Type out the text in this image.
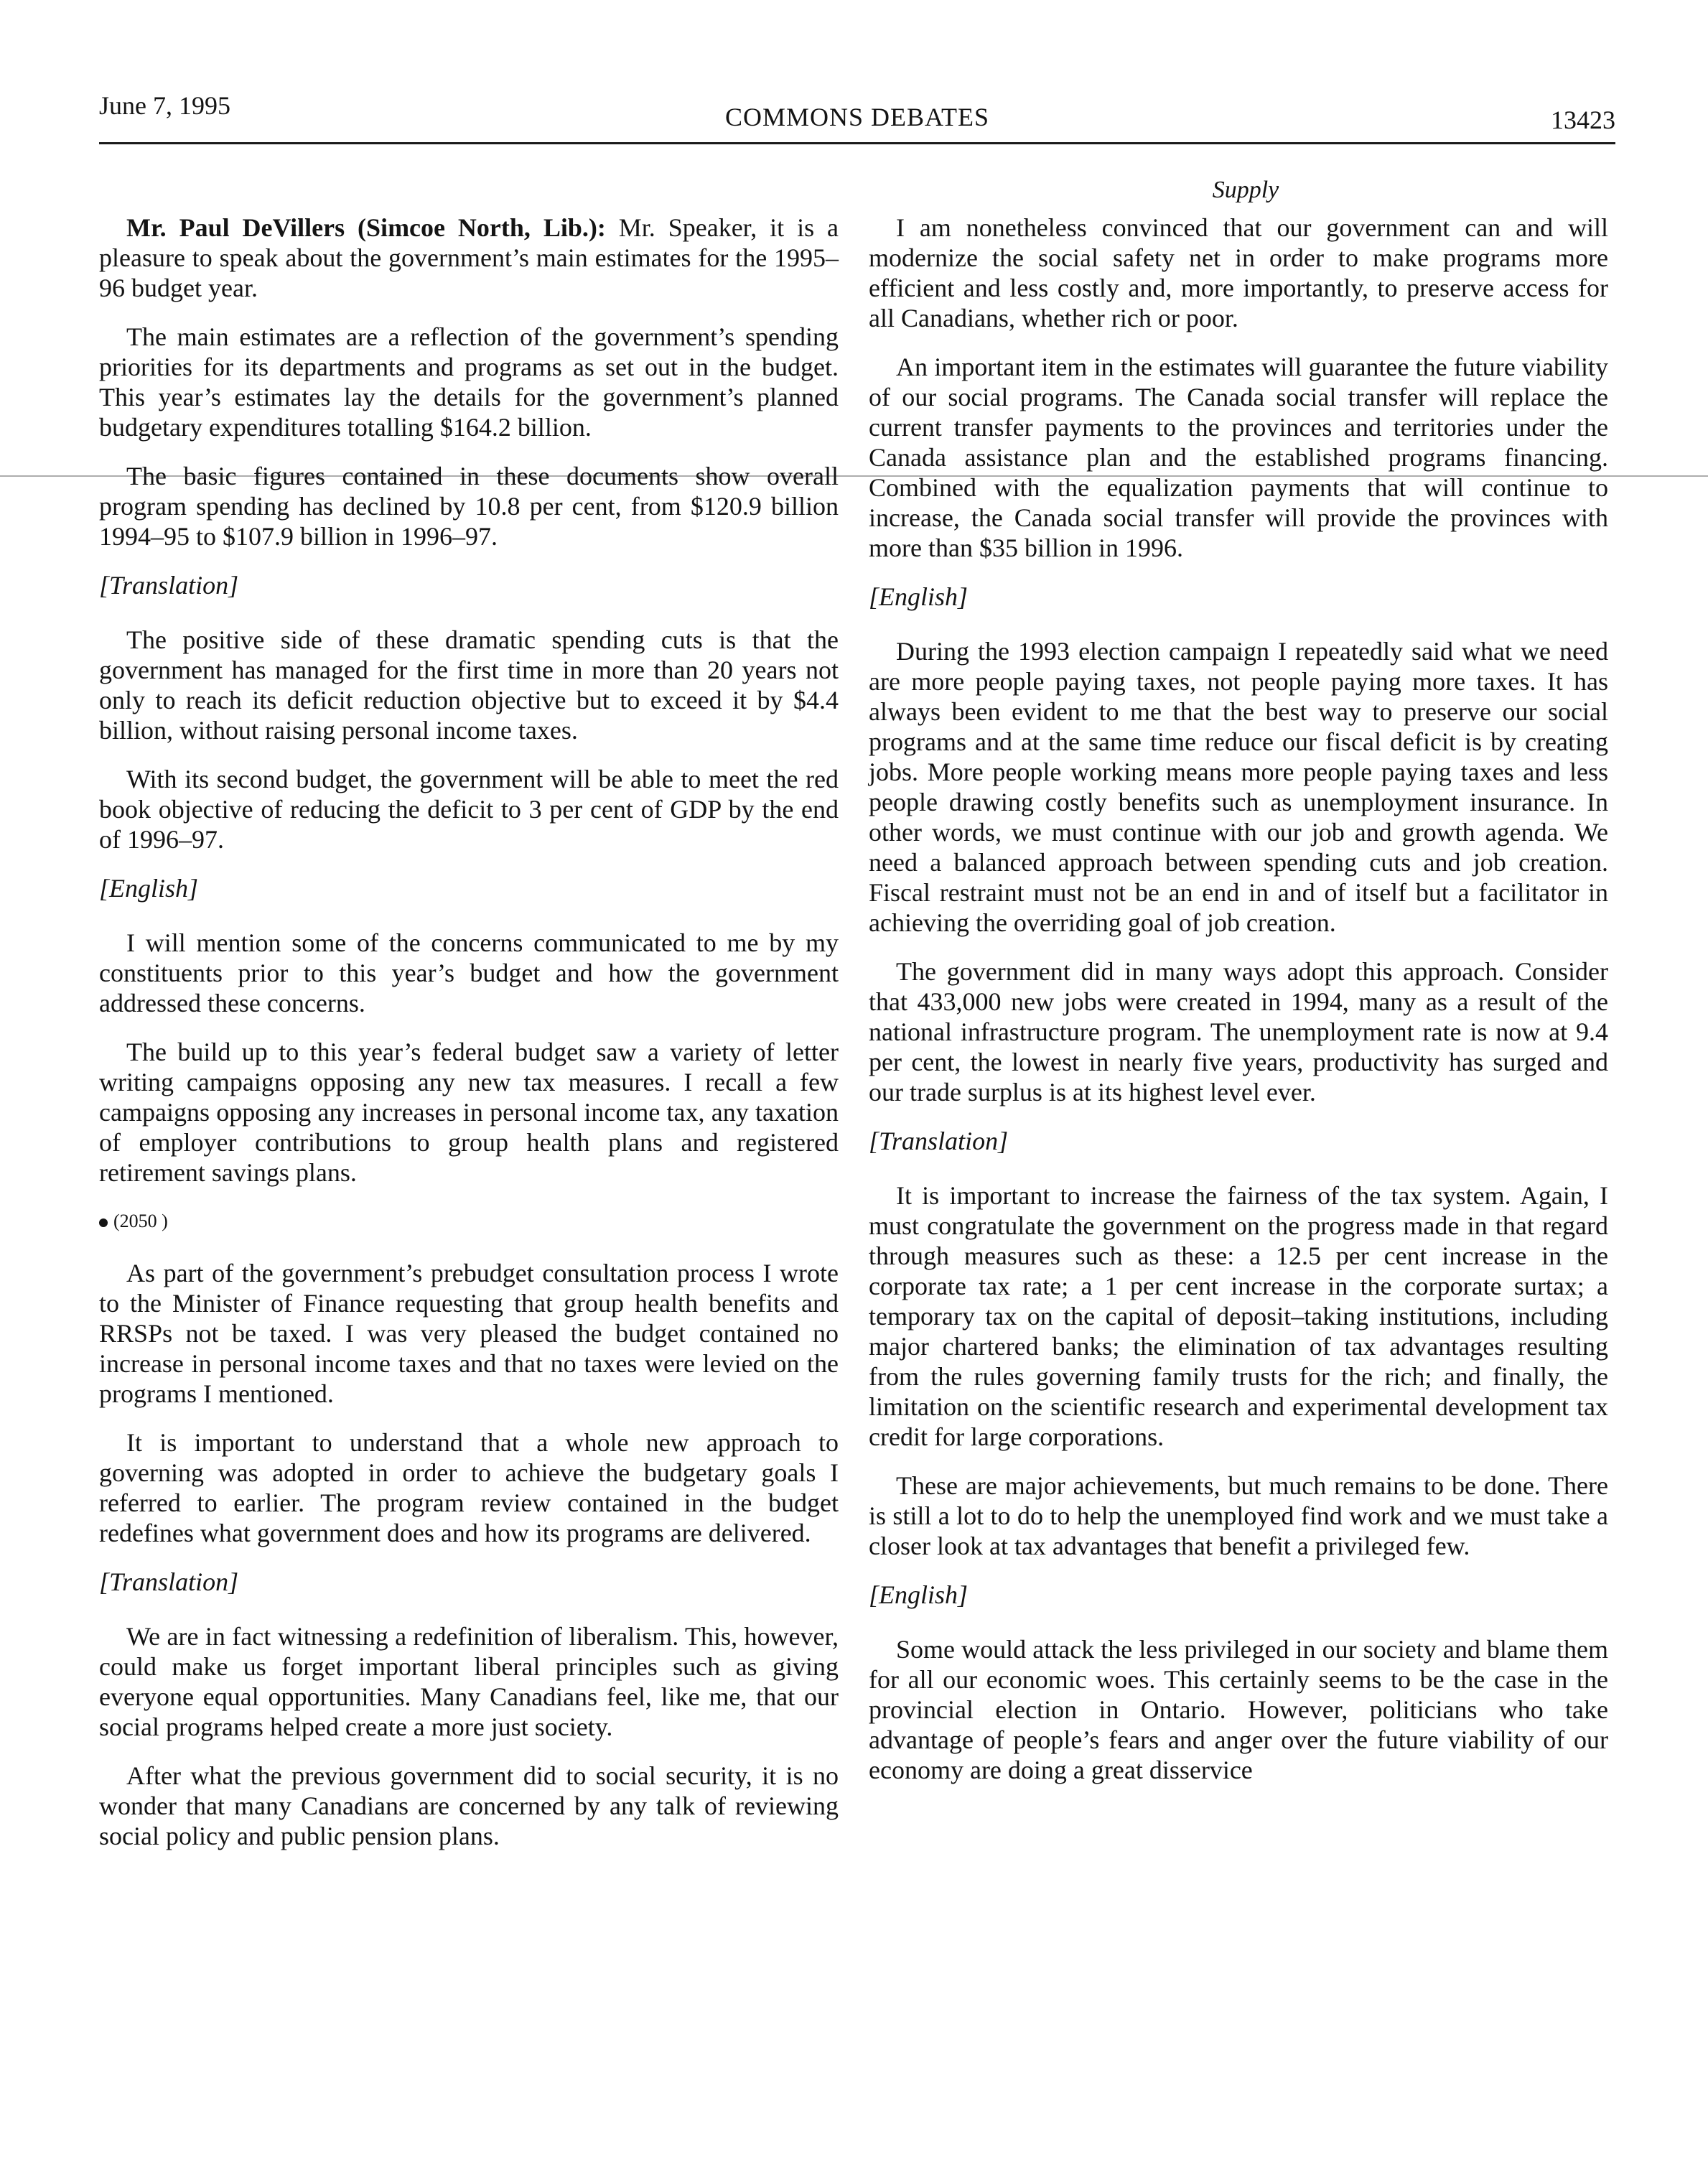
June 7, 1995	COMMONS DEBATES	13423
Supply

Mr. Paul DeVillers (Simcoe North, Lib.): Mr. Speaker, it is a pleasure to speak about the government’s main estimates for the 1995–96 budget year.

The main estimates are a reflection of the government’s spending priorities for its departments and programs as set out in the budget. This year’s estimates lay the details for the government’s planned budgetary expenditures totalling $164.2 billion.

The basic figures contained in these documents show overall program spending has declined by 10.8 per cent, from $120.9 billion 1994–95 to $107.9 billion in 1996–97.

[Translation]

The positive side of these dramatic spending cuts is that the government has managed for the first time in more than 20 years not only to reach its deficit reduction objective but to exceed it by $4.4 billion, without raising personal income taxes.

With its second budget, the government will be able to meet the red book objective of reducing the deficit to 3 per cent of GDP by the end of 1996–97.

[English]

I will mention some of the concerns communicated to me by my constituents prior to this year’s budget and how the government addressed these concerns.

The build up to this year’s federal budget saw a variety of letter writing campaigns opposing any new tax measures. I recall a few campaigns opposing any increases in personal income tax, any taxation of employer contributions to group health plans and registered retirement savings plans.

(2050 )

As part of the government’s prebudget consultation process I wrote to the Minister of Finance requesting that group health benefits and RRSPs not be taxed. I was very pleased the budget contained no increase in personal income taxes and that no taxes were levied on the programs I mentioned.

It is important to understand that a whole new approach to governing was adopted in order to achieve the budgetary goals I referred to earlier. The program review contained in the budget redefines what government does and how its programs are delivered.

[Translation]

We are in fact witnessing a redefinition of liberalism. This, however, could make us forget important liberal principles such as giving everyone equal opportunities. Many Canadians feel, like me, that our social programs helped create a more just society.

After what the previous government did to social security, it is no wonder that many Canadians are concerned by any talk of reviewing social policy and public pension plans.

I am nonetheless convinced that our government can and will modernize the social safety net in order to make programs more efficient and less costly and, more importantly, to preserve access for all Canadians, whether rich or poor.

An important item in the estimates will guarantee the future viability of our social programs. The Canada social transfer will replace the current transfer payments to the provinces and territories under the Canada assistance plan and the established programs financing. Combined with the equalization payments that will continue to increase, the Canada social transfer will provide the provinces with more than $35 billion in 1996.

[English]

During the 1993 election campaign I repeatedly said what we need are more people paying taxes, not people paying more taxes. It has always been evident to me that the best way to preserve our social programs and at the same time reduce our fiscal deficit is by creating jobs. More people working means more people paying taxes and less people drawing costly benefits such as unemployment insurance. In other words, we must continue with our job and growth agenda. We need a balanced approach between spending cuts and job creation. Fiscal restraint must not be an end in and of itself but a facilitator in achieving the overriding goal of job creation.

The government did in many ways adopt this approach. Consider that 433,000 new jobs were created in 1994, many as a result of the national infrastructure program. The unemployment rate is now at 9.4 per cent, the lowest in nearly five years, productivity has surged and our trade surplus is at its highest level ever.

[Translation]

It is important to increase the fairness of the tax system. Again, I must congratulate the government on the progress made in that regard through measures such as these: a 12.5 per cent increase in the corporate tax rate; a 1 per cent increase in the corporate surtax; a temporary tax on the capital of deposit–taking institutions, including major chartered banks; the elimination of tax advantages resulting from the rules governing family trusts for the rich; and finally, the limitation on the scientific research and experimental development tax credit for large corporations.

These are major achievements, but much remains to be done. There is still a lot to do to help the unemployed find work and we must take a closer look at tax advantages that benefit a privileged few.

[English]

Some would attack the less privileged in our society and blame them for all our economic woes. This certainly seems to be the case in the provincial election in Ontario. However, politicians who take advantage of people’s fears and anger over the future viability of our economy are doing a great disservice
